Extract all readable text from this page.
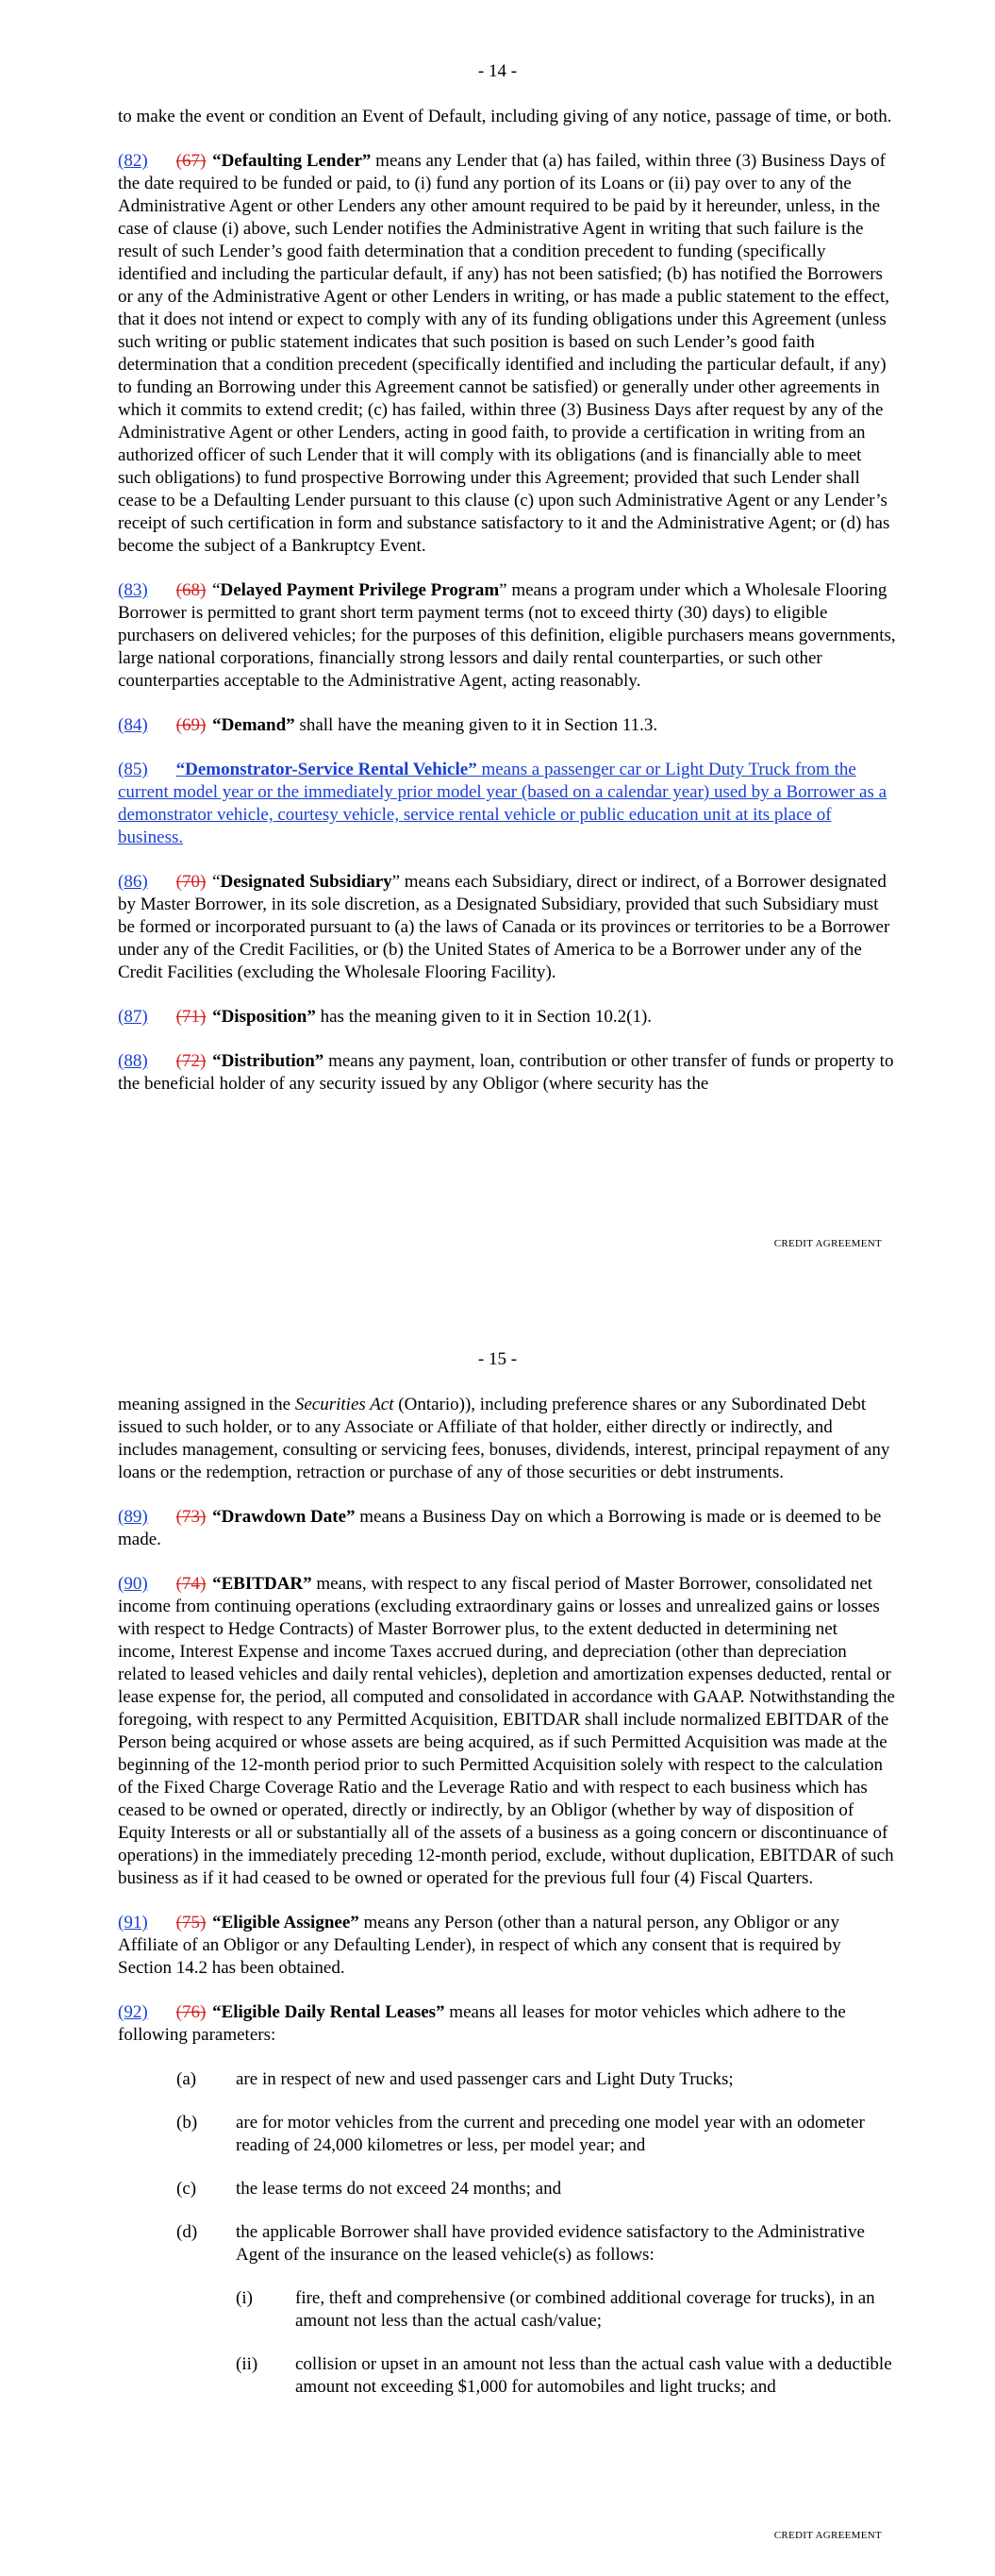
- 14 -

to make the event or condition an Event of Default, including giving of any notice, passage of time, or both.

(82) (67) “Defaulting Lender” means any Lender that (a) has failed, within three (3) Business Days of the date required to be funded or paid, to (i) fund any portion of its Loans or (ii) pay over to any of the Administrative Agent or other Lenders any other amount required to be paid by it hereunder, unless, in the case of clause (i) above, such Lender notifies the Administrative Agent in writing that such failure is the result of such Lender’s good faith determination that a condition precedent to funding (specifically identified and including the particular default, if any) has not been satisfied; (b) has notified the Borrowers or any of the Administrative Agent or other Lenders in writing, or has made a public statement to the effect, that it does not intend or expect to comply with any of its funding obligations under this Agreement (unless such writing or public statement indicates that such position is based on such Lender’s good faith determination that a condition precedent (specifically identified and including the particular default, if any) to funding an Borrowing under this Agreement cannot be satisfied) or generally under other agreements in which it commits to extend credit; (c) has failed, within three (3) Business Days after request by any of the Administrative Agent or other Lenders, acting in good faith, to provide a certification in writing from an authorized officer of such Lender that it will comply with its obligations (and is financially able to meet such obligations) to fund prospective Borrowing under this Agreement; provided that such Lender shall cease to be a Defaulting Lender pursuant to this clause (c) upon such Administrative Agent or any Lender’s receipt of such certification in form and substance satisfactory to it and the Administrative Agent; or (d) has become the subject of a Bankruptcy Event.

(83) (68) “Delayed Payment Privilege Program” means a program under which a Wholesale Flooring Borrower is permitted to grant short term payment terms (not to exceed thirty (30) days) to eligible purchasers on delivered vehicles; for the purposes of this definition, eligible purchasers means governments, large national corporations, financially strong lessors and daily rental counterparties, or such other counterparties acceptable to the Administrative Agent, acting reasonably.

(84) (69) “Demand” shall have the meaning given to it in Section 11.3.

(85) “Demonstrator-Service Rental Vehicle” means a passenger car or Light Duty Truck from the current model year or the immediately prior model year (based on a calendar year) used by a Borrower as a demonstrator vehicle, courtesy vehicle, service rental vehicle or public education unit at its place of business.

(86) (70) “Designated Subsidiary” means each Subsidiary, direct or indirect, of a Borrower designated by Master Borrower, in its sole discretion, as a Designated Subsidiary, provided that such Subsidiary must be formed or incorporated pursuant to (a) the laws of Canada or its provinces or territories to be a Borrower under any of the Credit Facilities, or (b) the United States of America to be a Borrower under any of the Credit Facilities (excluding the Wholesale Flooring Facility).

(87) (71) “Disposition” has the meaning given to it in Section 10.2(1).

(88) (72) “Distribution” means any payment, loan, contribution or other transfer of funds or property to the beneficial holder of any security issued by any Obligor (where security has the

CREDIT AGREEMENT
- 15 -

meaning assigned in the Securities Act (Ontario)), including preference shares or any Subordinated Debt issued to such holder, or to any Associate or Affiliate of that holder, either directly or indirectly, and includes management, consulting or servicing fees, bonuses, dividends, interest, principal repayment of any loans or the redemption, retraction or purchase of any of those securities or debt instruments.

(89) (73) “Drawdown Date” means a Business Day on which a Borrowing is made or is deemed to be made.

(90) (74) “EBITDAR” means, with respect to any fiscal period of Master Borrower, consolidated net income from continuing operations (excluding extraordinary gains or losses and unrealized gains or losses with respect to Hedge Contracts) of Master Borrower plus, to the extent deducted in determining net income, Interest Expense and income Taxes accrued during, and depreciation (other than depreciation related to leased vehicles and daily rental vehicles), depletion and amortization expenses deducted, rental or lease expense for, the period, all computed and consolidated in accordance with GAAP. Notwithstanding the foregoing, with respect to any Permitted Acquisition, EBITDAR shall include normalized EBITDAR of the Person being acquired or whose assets are being acquired, as if such Permitted Acquisition was made at the beginning of the 12-month period prior to such Permitted Acquisition solely with respect to the calculation of the Fixed Charge Coverage Ratio and the Leverage Ratio and with respect to each business which has ceased to be owned or operated, directly or indirectly, by an Obligor (whether by way of disposition of Equity Interests or all or substantially all of the assets of a business as a going concern or discontinuance of operations) in the immediately preceding 12-month period, exclude, without duplication, EBITDAR of such business as if it had ceased to be owned or operated for the previous full four (4) Fiscal Quarters.

(91) (75) “Eligible Assignee” means any Person (other than a natural person, any Obligor or any Affiliate of an Obligor or any Defaulting Lender), in respect of which any consent that is required by Section 14.2 has been obtained.

(92) (76) “Eligible Daily Rental Leases” means all leases for motor vehicles which adhere to the following parameters:

(a)	are in respect of new and used passenger cars and Light Duty Trucks;
(b)	are for motor vehicles from the current and preceding one model year with an odometer reading of 24,000 kilometres or less, per model year; and
(c)	the lease terms do not exceed 24 months; and
(d)	the applicable Borrower shall have provided evidence satisfactory to the Administrative Agent of the insurance on the leased vehicle(s) as follows:
(i)	fire, theft and comprehensive (or combined additional coverage for trucks), in an amount not less than the actual cash/value;
(ii)	collision or upset in an amount not less than the actual cash value with a deductible amount not exceeding $1,000 for automobiles and light trucks; and
CREDIT AGREEMENT
